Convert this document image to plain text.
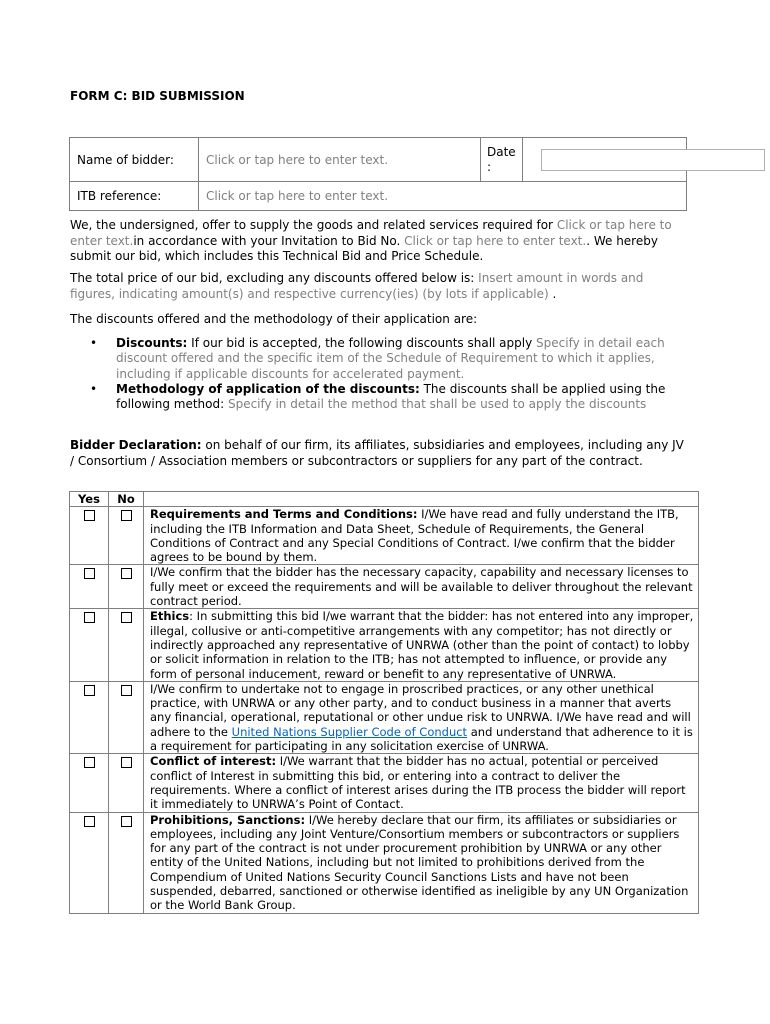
FORM C: BID SUBMISSION
Name of bidder:	Click or tap here to enter text.	Date :	
ITB reference:	Click or tap here to enter text.		

We, the undersigned, offer to supply the goods and related services required for Click or tap here to enter text.in accordance with your Invitation to Bid No. Click or tap here to enter text.. We hereby submit our bid, which includes this Technical Bid and Price Schedule.

The total price of our bid, excluding any discounts offered below is: Insert amount in words and figures, indicating amount(s) and respective currency(ies) (by lots if applicable) .

The discounts offered and the methodology of their application are:

• Discounts: If our bid is accepted, the following discounts shall apply Specify in detail each discount offered and the specific item of the Schedule of Requirement to which it applies, including if applicable discounts for accelerated payment.
• Methodology of application of the discounts: The discounts shall be applied using the following method: Specify in detail the method that shall be used to apply the discounts

Bidder Declaration: on behalf of our firm, its affiliates, subsidiaries and employees, including any JV / Consortium / Association members or subcontractors or suppliers for any part of the contract.

Yes	No	
		Requirements and Terms and Conditions: I/We have read and fully understand the ITB, including the ITB Information and Data Sheet, Schedule of Requirements, the General Conditions of Contract and any Special Conditions of Contract. I/we confirm that the bidder agrees to be bound by them.
		I/We confirm that the bidder has the necessary capacity, capability and necessary licenses to fully meet or exceed the requirements and will be available to deliver throughout the relevant contract period.
		Ethics: In submitting this bid I/we warrant that the bidder: has not entered into any improper, illegal, collusive or anti-competitive arrangements with any competitor; has not directly or indirectly approached any representative of UNRWA (other than the point of contact) to lobby or solicit information in relation to the ITB; has not attempted to influence, or provide any form of personal inducement, reward or benefit to any representative of UNRWA.
		I/We confirm to undertake not to engage in proscribed practices, or any other unethical practice, with UNRWA or any other party, and to conduct business in a manner that averts any financial, operational, reputational or other undue risk to UNRWA. I/We have read and will adhere to the United Nations Supplier Code of Conduct and understand that adherence to it is a requirement for participating in any solicitation exercise of UNRWA.
		Conflict of interest: I/We warrant that the bidder has no actual, potential or perceived conflict of Interest in submitting this bid, or entering into a contract to deliver the requirements. Where a conflict of interest arises during the ITB process the bidder will report it immediately to UNRWA’s Point of Contact.
		Prohibitions, Sanctions: I/We hereby declare that our firm, its affiliates or subsidiaries or employees, including any Joint Venture/Consortium members or subcontractors or suppliers for any part of the contract is not under procurement prohibition by UNRWA or any other entity of the United Nations, including but not limited to prohibitions derived from the Compendium of United Nations Security Council Sanctions Lists and have not been suspended, debarred, sanctioned or otherwise identified as ineligible by any UN Organization or the World Bank Group.
